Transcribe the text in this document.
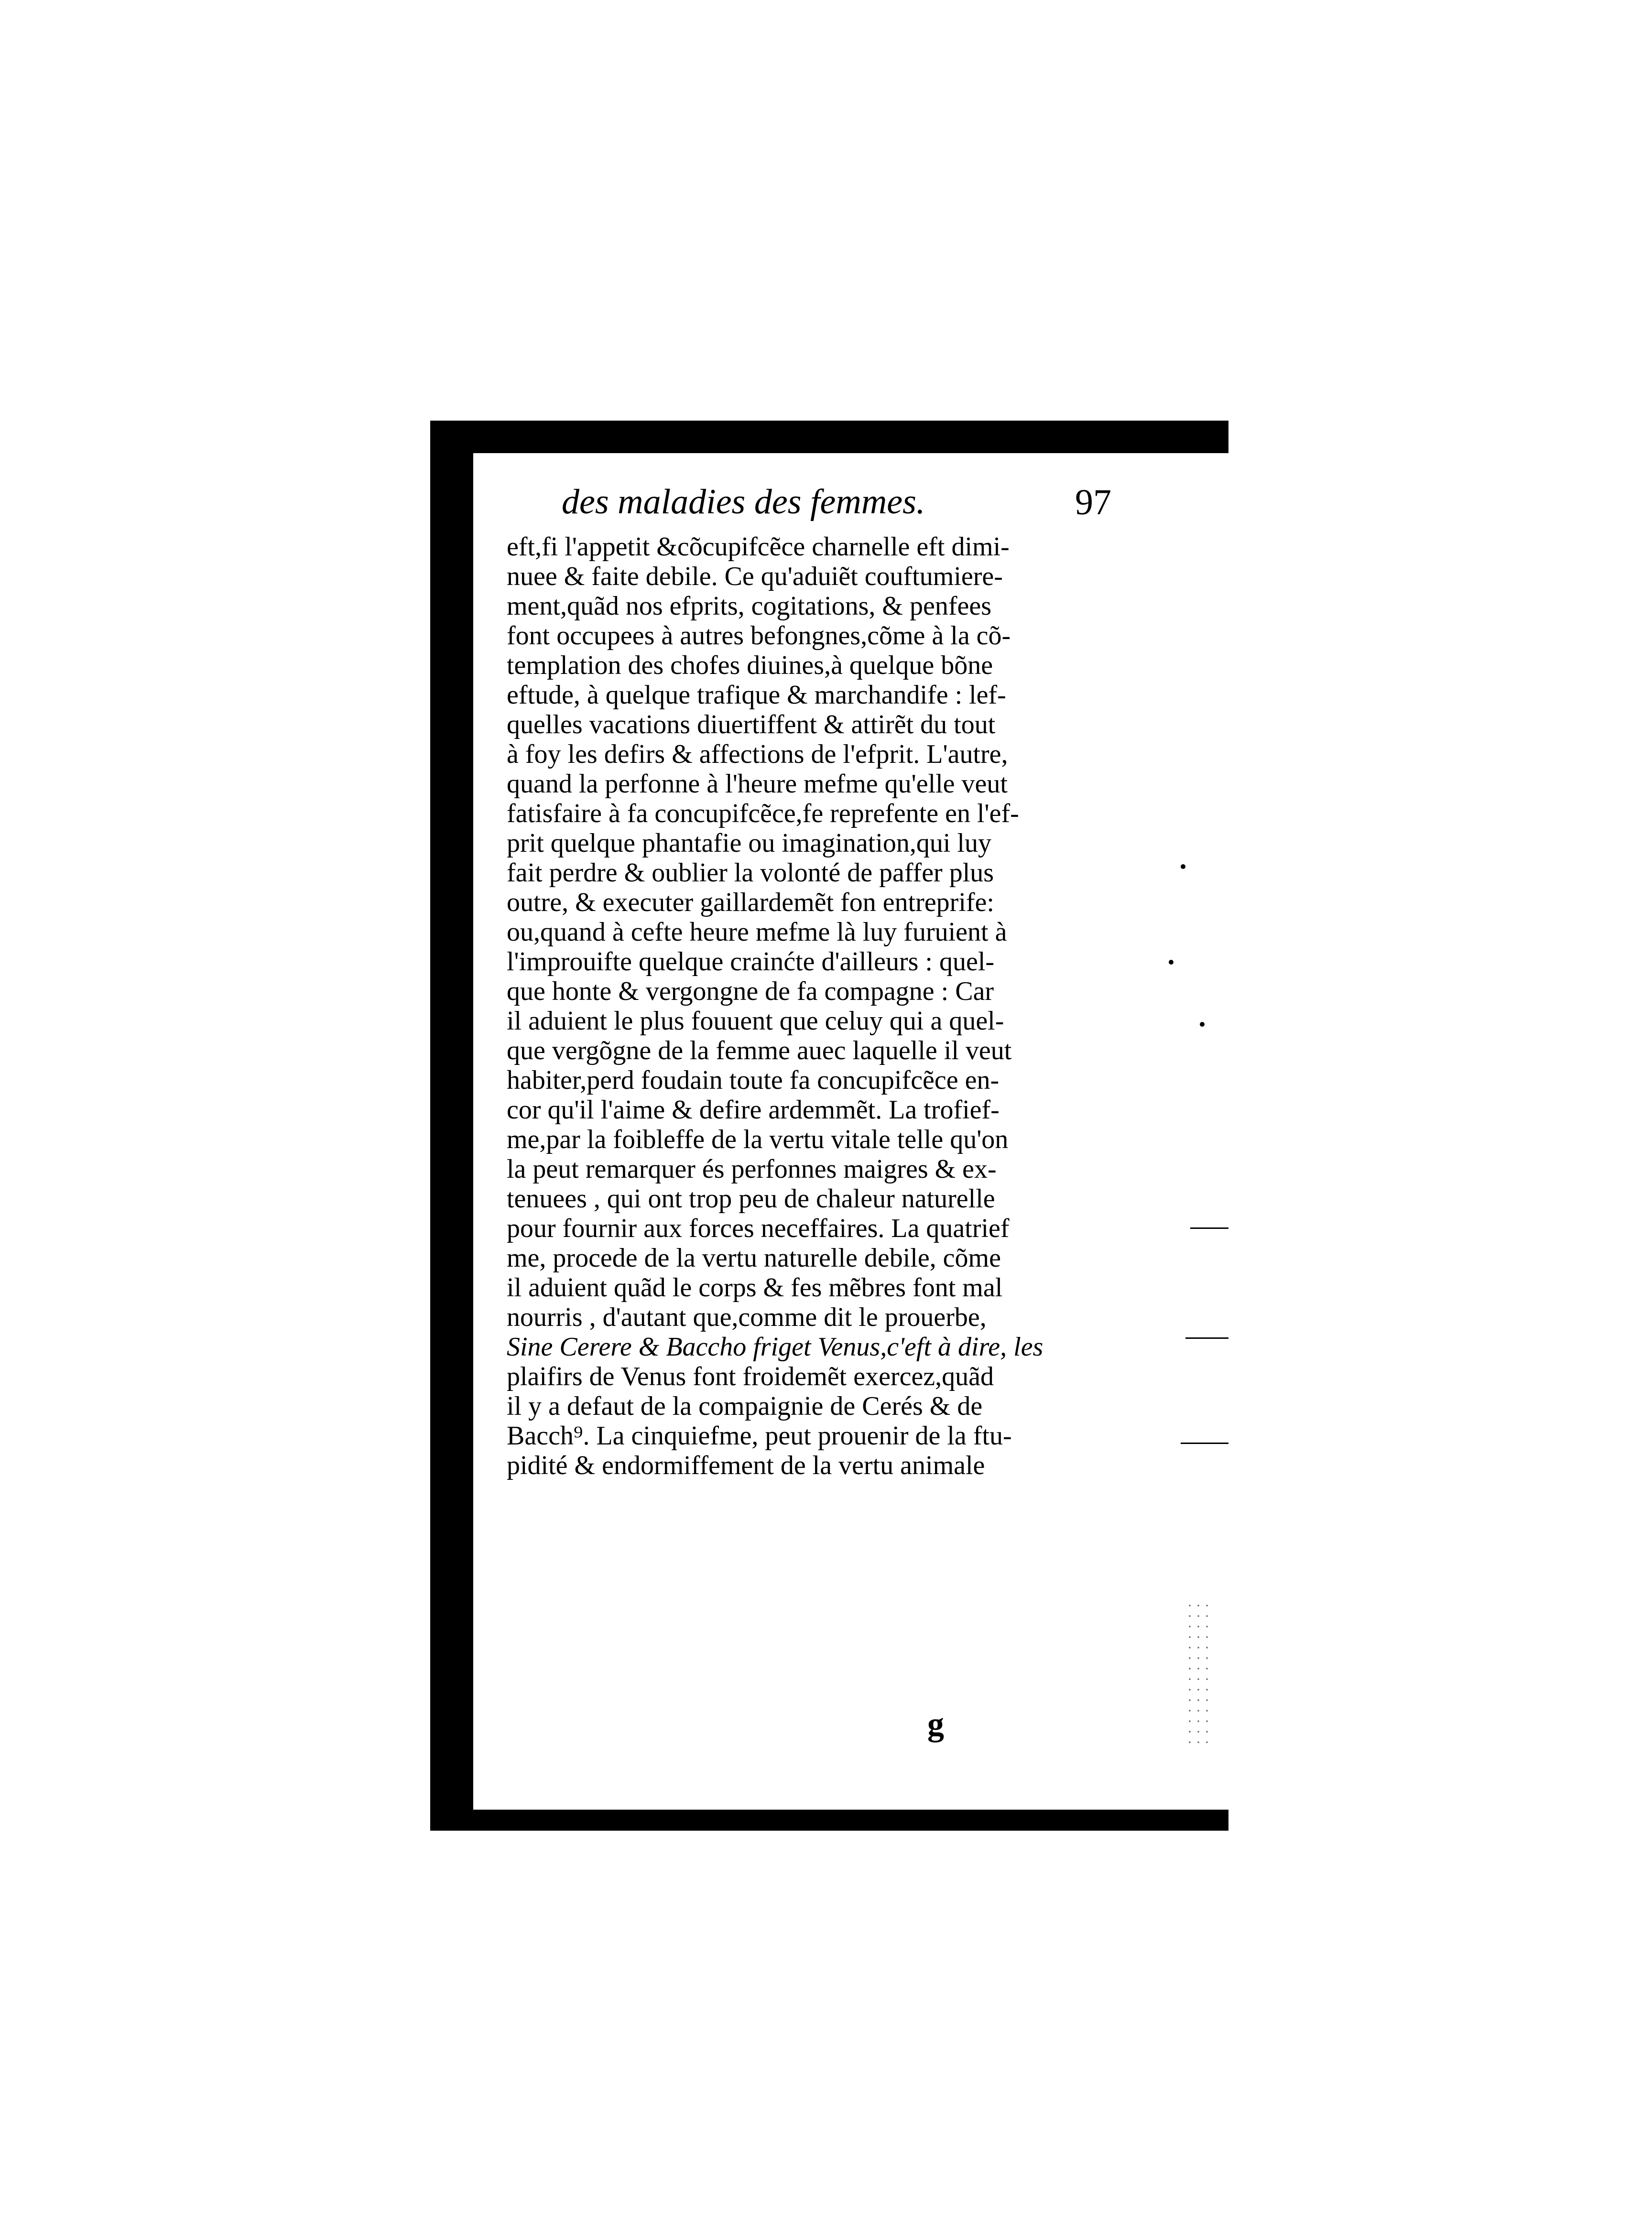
des maladies des femmes.	97
eft,fi l'appetit &cõcupifcẽce charnelle eft dimi-
nuee & faite debile. Ce qu'aduiẽt couftumiere-
ment,quãd nos efprits, cogitations, & penfees
font occupees à autres befongnes,cõme à la cõ-
templation des chofes diuines,à quelque bõne
eftude, à quelque trafique & marchandife : lef-
quelles vacations diuertiffent & attirẽt du tout
à foy les defirs & affections de l'efprit. L'autre,
quand la perfonne à l'heure mefme qu'elle veut
fatisfaire à fa concupifcẽce,fe reprefente en l'ef-
prit quelque phantafie ou imagination,qui luy
fait perdre & oublier la volonté de paffer plus
outre, & executer gaillardemẽt fon entreprife:
ou,quand à cefte heure mefme là luy furuient à
l'improuifte quelque crainćte d'ailleurs : quel-
que honte & vergongne de fa compagne : Car
il aduient le plus fouuent que celuy qui a quel-
que vergõgne de la femme auec laquelle il veut
habiter,perd foudain toute fa concupifcẽce en-
cor qu'il l'aime & defire ardemmẽt. La trofief-
me,par la foibleffe de la vertu vitale telle qu'on
la peut remarquer és perfonnes maigres & ex-
tenuees , qui ont trop peu de chaleur naturelle
pour fournir aux forces neceffaires. La quatrief
me, procede de la vertu naturelle debile, cõme
il aduient quãd le corps & fes mẽbres font mal
nourris , d'autant que,comme dit le prouerbe,
Sine Cerere & Baccho friget Venus,c'eft à dire, les
plaifirs de Venus font froidemẽt exercez,quãd
il y a defaut de la compaignie de Cerés & de
Bacch⁹. La cinquiefme, peut prouenir de la ftu-
pidité & endormiffement de la vertu animale
g
